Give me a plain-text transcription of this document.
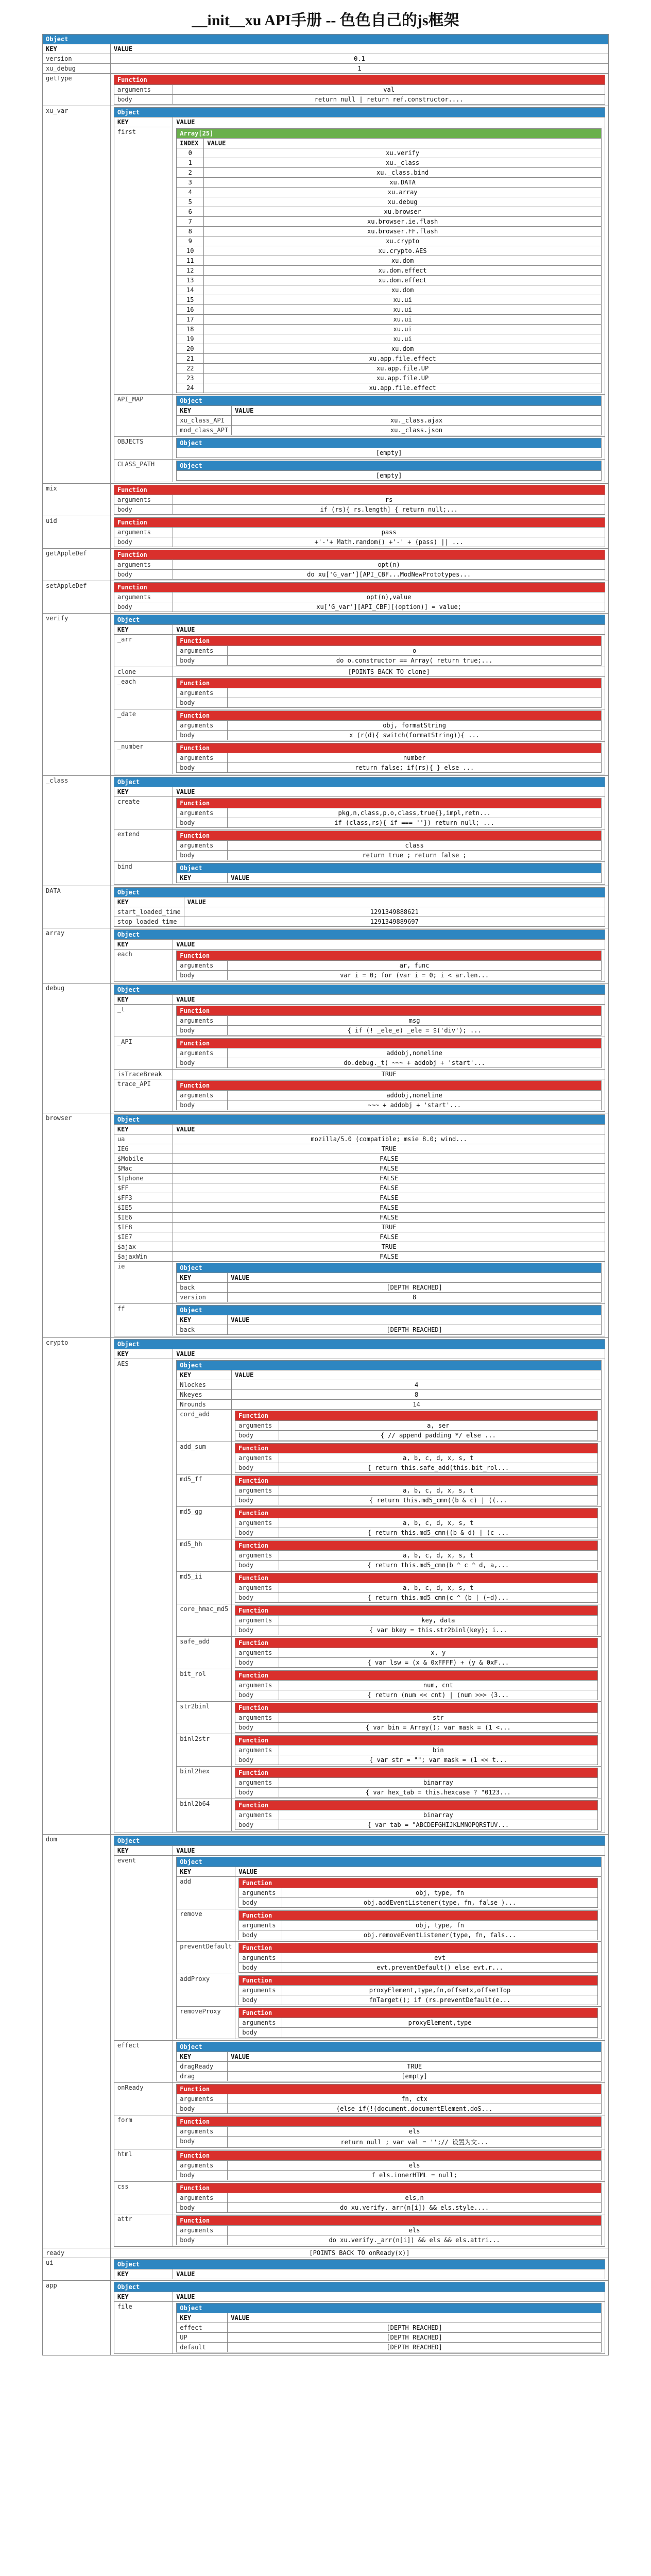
__init__xu API手册 -- 色色自己的js框架
Object
KEY	VALUE
version	0.1
xu_debug	1
getType		Function
arguments	val
body	return null | return ref.constructor....

xu_var		Object
KEY	VALUE
first		Array[25]
INDEX	VALUE
0	xu.verify
1	xu._class
2	xu._class.bind
3	xu.DATA
4	xu.array
5	xu.debug
6	xu.browser
7	xu.browser.ie.flash
8	xu.browser.FF.flash
9	xu.crypto
10	xu.crypto.AES
11	xu.dom
12	xu.dom.effect
13	xu.dom.effect
14	xu.dom
15	xu.ui
16	xu.ui
17	xu.ui
18	xu.ui
19	xu.ui
20	xu.dom
21	xu.app.file.effect
22	xu.app.file.UP
23	xu.app.file.UP
24	xu.app.file.effect

API_MAP		Object
KEY	VALUE
xu_class_API	xu._class.ajax
mod_class_API	xu._class.json

OBJECTS		Object
[empty]

CLASS_PATH		Object
[empty]

mix		Function
arguments	rs
body	if (rs){ rs.length] { return null;...

uid		Function
arguments	pass
body	+'-'+ Math.random() +'-' + (pass) || ...

getAppleDef		Function
arguments	opt(n)
body	do xu['G_var'][API_CBF...ModNewPrototypes...

setAppleDef		Function
arguments	opt(n),value
body	xu['G_var'][API_CBF][(option)] = value;

verify		Object
KEY	VALUE
_arr		Function
arguments	o
body	do o.constructor == Array( return true;...

clone	[POINTS BACK TO clone]
_each		Function
arguments	
body	

_date		Function
arguments	obj, formatString
body	x (r(d){ switch(formatString)){ ...

_number		Function
arguments	number
body	return false; if(rs){ } else ...

_class		Object
KEY	VALUE
create		Function
arguments	pkg,n,class,p,o,class,true{},impl,retn...
body	if (class,rs){ if === ''}) return null; ...

extend		Function
arguments	class
body	return true ; return false ;

bind		Object
KEY	VALUE

DATA		Object
KEY	VALUE
start_loaded_time	1291349888621
stop_loaded_time	1291349889697

array		Object
KEY	VALUE
each		Function
arguments	ar, func
body	var i = 0; for (var i = 0; i < ar.len...

debug		Object
KEY	VALUE
_t		Function
arguments	msg
body	{ if (! _ele_e) _ele = $('div'); ...

_API		Function
arguments	addobj,noneline
body	do.debug._t( ~~~ + addobj + 'start'...

isTraceBreak	TRUE
trace_API		Function
arguments	addobj,noneline
body	~~~ + addobj + 'start'...

browser		Object
KEY	VALUE
ua	mozilla/5.0 (compatible; msie 8.0; wind...
IE6	TRUE
$Mobile	FALSE
$Mac	FALSE
$Iphone	FALSE
$FF	FALSE
$FF3	FALSE
$IE5	FALSE
$IE6	FALSE
$IE8	TRUE
$IE7	FALSE
$ajax	TRUE
$ajaxWin	FALSE
ie		Object
KEY	VALUE
back	[DEPTH REACHED]
version	8

ff		Object
KEY	VALUE
back	[DEPTH REACHED]

crypto		Object
KEY	VALUE
AES		Object
KEY	VALUE
Nlockes	4
Nkeyes	8
Nrounds	14
cord_add		Function
arguments	a, ser
body	{ // append padding */ else ...

add_sum		Function
arguments	a, b, c, d, x, s, t
body	{ return this.safe_add(this.bit_rol...

md5_ff		Function
arguments	a, b, c, d, x, s, t
body	{ return this.md5_cmn((b & c) | ((...

md5_gg		Function
arguments	a, b, c, d, x, s, t
body	{ return this.md5_cmn((b & d) | (c ...

md5_hh		Function
arguments	a, b, c, d, x, s, t
body	{ return this.md5_cmn(b ^ c ^ d, a,...

md5_ii		Function
arguments	a, b, c, d, x, s, t
body	{ return this.md5_cmn(c ^ (b | (~d)...

core_hmac_md5	Function
arguments	key, data
body	{ var bkey = this.str2binl(key); i...

safe_add		Function
arguments	x, y
body	{ var lsw = (x & 0xFFFF) + (y & 0xF...

bit_rol		Function
arguments	num, cnt
body	{ return (num << cnt) | (num >>> (3...

str2binl		Function
arguments	str
body	{ var bin = Array(); var mask = (1 <...

binl2str		Function
arguments	bin
body	{ var str = ""; var mask = (1 << t...

binl2hex		Function
arguments	binarray
body	{ var hex_tab = this.hexcase ? "0123...

binl2b64		Function
arguments	binarray
body	{ var tab = "ABCDEFGHIJKLMNOPQRSTUV...

dom		Object
KEY	VALUE
event		Object
KEY	VALUE
add		Function
arguments	obj, type, fn
body	obj.addEventListener(type, fn, false )...

remove		Function
arguments	obj, type, fn
body	obj.removeEventListener(type, fn, fals...

preventDefault	Function
arguments	evt
body	evt.preventDefault() else evt.r...

addProxy		Function
arguments	proxyElement,type,fn,offsetx,offsetTop
body	fnTarget(); if (rs.preventDefault(e...

removeProxy		Function
arguments	proxyElement,type
body	

effect		Object
KEY	VALUE
dragReady	TRUE
drag	[empty]

onReady		Function
arguments	fn, ctx
body	(else if(!(document.documentElement.doS...

form		Function
arguments	els
body	return null ; var val = '';// 设置为文...

html		Function
arguments	els
body	f els.innerHTML = null;

css		Function
arguments	els,n
body	do xu.verify._arr(n[i]) && els.style....

attr		Function
arguments	els
body	do xu.verify._arr(n[i]) && els && els.attri...

ready	[POINTS BACK TO onReady(x)]
ui		Object
KEY	VALUE

app		Object
KEY	VALUE
file		Object
KEY	VALUE
effect	[DEPTH REACHED]
UP	[DEPTH REACHED]
default	[DEPTH REACHED]
